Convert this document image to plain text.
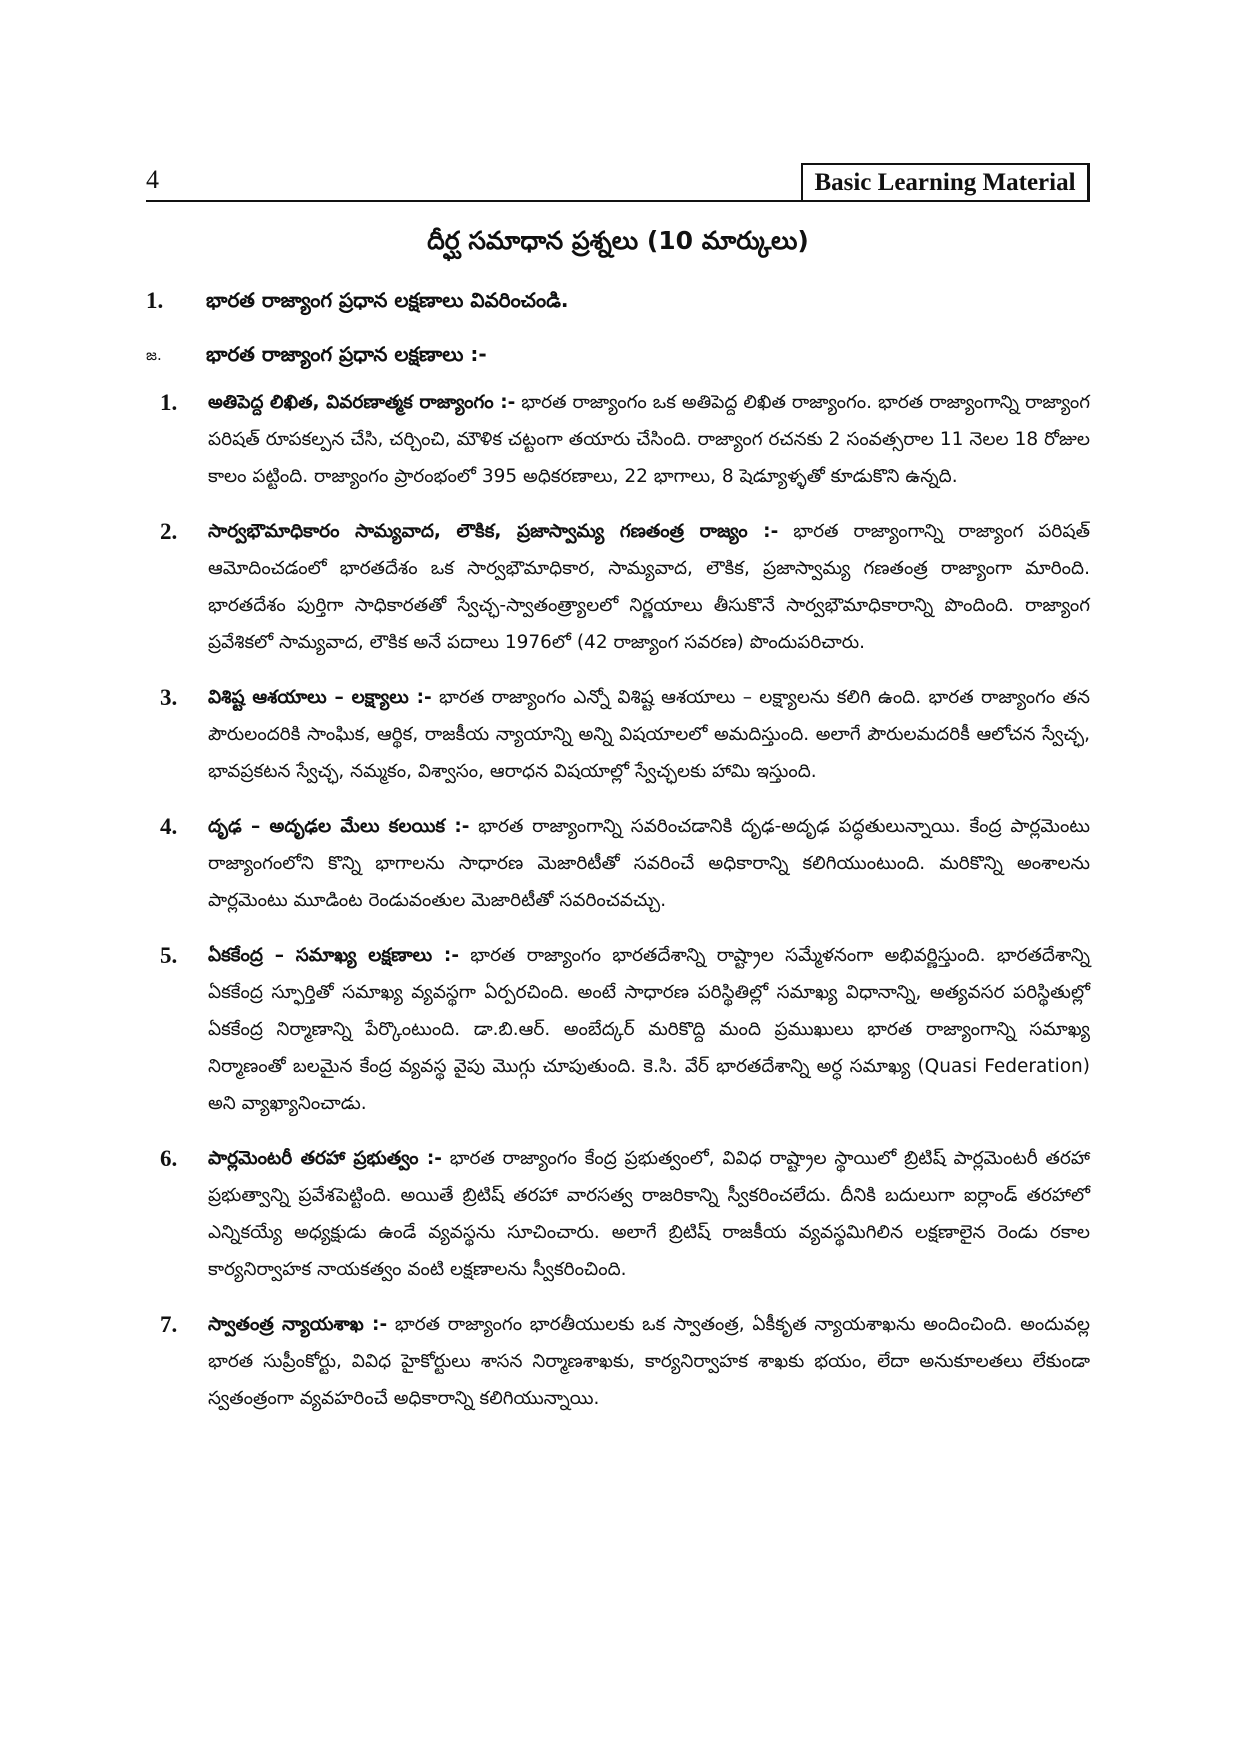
4	Basic Learning Material
దీర్ఘ సమాధాన ప్రశ్నలు (10 మార్కులు)
1.	భారత రాజ్యాంగ ప్రధాన లక్షణాలు వివరించండి.
జ.	భారత రాజ్యాంగ ప్రధాన లక్షణాలు :-
1.	అతిపెద్ద లిఖిత, వివరణాత్మక రాజ్యాంగం :- భారత రాజ్యాంగం ఒక అతిపెద్ద లిఖిత రాజ్యాంగం. భారత రాజ్యాంగాన్ని రాజ్యాంగ పరిషత్ రూపకల్పన చేసి, చర్చించి, మౌళిక చట్టంగా తయారు చేసింది. రాజ్యాంగ రచనకు 2 సంవత్సరాల 11 నెలల 18 రోజుల కాలం పట్టింది. రాజ్యాంగం ప్రారంభంలో 395 అధికరణాలు, 22 భాగాలు, 8 షెడ్యూళ్ళతో కూడుకొని ఉన్నది.
2.	సార్వభౌమాధికారం సామ్యవాద, లౌకిక, ప్రజాస్వామ్య గణతంత్ర రాజ్యం :- భారత రాజ్యాంగాన్ని రాజ్యాంగ పరిషత్ ఆమోదించడంలో భారతదేశం ఒక సార్వభౌమాధికార, సామ్యవాద, లౌకిక, ప్రజాస్వామ్య గణతంత్ర రాజ్యాంగా మారింది. భారతదేశం పుర్తిగా సాధికారతతో స్వేచ్ఛ-స్వాతంత్ర్యాలలో నిర్ణయాలు తీసుకొనే సార్వభౌమాధికారాన్ని పొందింది. రాజ్యాంగ ప్రవేశికలో సామ్యవాద, లౌకిక అనే పదాలు 1976లో (42 రాజ్యాంగ సవరణ) పొందుపరిచారు.
3.	విశిష్ట ఆశయాలు – లక్ష్యాలు :- భారత రాజ్యాంగం ఎన్నో విశిష్ట ఆశయాలు – లక్ష్యాలను కలిగి ఉంది. భారత రాజ్యాంగం తన పౌరులందరికి సాంఘిక, ఆర్థిక, రాజకీయ న్యాయాన్ని అన్ని విషయాలలో అమదిస్తుంది. అలాగే పౌరులమదరికీ ఆలోచన స్వేచ్ఛ, భావప్రకటన స్వేచ్ఛ, నమ్మకం, విశ్వాసం, ఆరాధన విషయాల్లో స్వేచ్ఛలకు హామి ఇస్తుంది.
4.	దృఢ – అదృఢల మేలు కలయిక :- భారత రాజ్యాంగాన్ని సవరించడానికి దృఢ-అదృఢ పద్ధతులున్నాయి. కేంద్ర పార్లమెంటు రాజ్యాంగంలోని కొన్ని భాగాలను సాధారణ మెజారిటీతో సవరించే అధికారాన్ని కలిగియుంటుంది. మరికొన్ని అంశాలను పార్లమెంటు మూడింట రెండువంతుల మెజారిటీతో సవరించవచ్చు.
5.	ఏకకేంద్ర – సమాఖ్య లక్షణాలు :- భారత రాజ్యాంగం భారతదేశాన్ని రాష్ట్రాల సమ్మేళనంగా అభివర్ణిస్తుంది. భారతదేశాన్ని ఏకకేంద్ర స్ఫూర్తితో సమాఖ్య వ్యవస్థగా ఏర్పరచింది. అంటే సాధారణ పరిస్థితిల్లో సమాఖ్య విధానాన్ని, అత్యవసర పరిస్థితుల్లో ఏకకేంద్ర నిర్మాణాన్ని పేర్కొంటుంది. డా.బి.ఆర్. అంబేద్కర్ మరికొద్ది మంది ప్రముఖులు భారత రాజ్యాంగాన్ని సమాఖ్య నిర్మాణంతో బలమైన కేంద్ర వ్యవస్థ వైపు మొగ్గు చూపుతుంది. కె.సి. వేర్ భారతదేశాన్ని అర్ధ సమాఖ్య (Quasi Federation) అని వ్యాఖ్యానించాడు.
6.	పార్లమెంటరీ తరహా ప్రభుత్వం :- భారత రాజ్యాంగం కేంద్ర ప్రభుత్వంలో, వివిధ రాష్ట్రాల స్థాయిలో బ్రిటిష్ పార్లమెంటరీ తరహా ప్రభుత్వాన్ని ప్రవేశపెట్టింది. అయితే బ్రిటిష్ తరహా వారసత్వ రాజరికాన్ని స్వీకరించలేదు. దీనికి బదులుగా ఐర్లాండ్ తరహాలో ఎన్నికయ్యే అధ్యక్షుడు ఉండే వ్యవస్థను సూచించారు. అలాగే బ్రిటిష్ రాజకీయ వ్యవస్థమిగిలిన లక్షణాలైన రెండు రకాల కార్యనిర్వాహక నాయకత్వం వంటి లక్షణాలను స్వీకరించింది.
7.	స్వాతంత్ర న్యాయశాఖ :- భారత రాజ్యాంగం భారతీయులకు ఒక స్వాతంత్ర, ఏకీకృత న్యాయశాఖను అందించింది. అందువల్ల భారత సుప్రీంకోర్టు, వివిధ హైకోర్టులు శాసన నిర్మాణశాఖకు, కార్యనిర్వాహక శాఖకు భయం, లేదా అనుకూలతలు లేకుండా స్వతంత్రంగా వ్యవహరించే అధికారాన్ని కలిగియున్నాయి.
